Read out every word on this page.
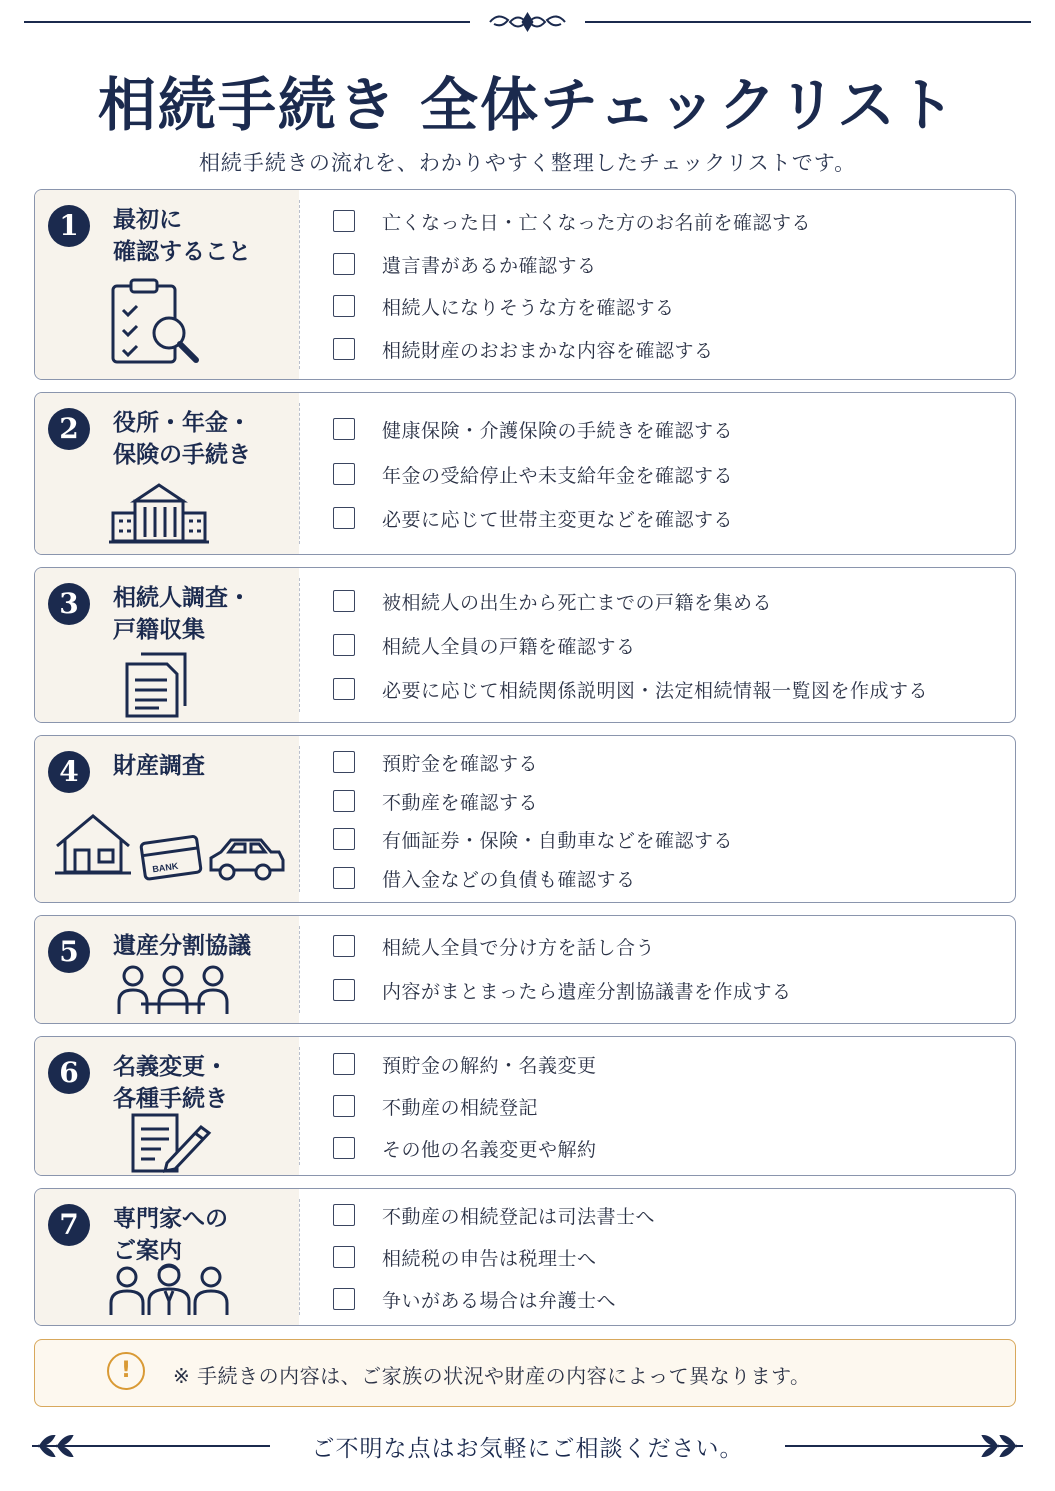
相続手続き 全体チェックリスト
相続手続きの流れを、わかりやすく整理したチェックリストです。
1	最初に
確認すること
亡くなった日・亡くなった方のお名前を確認する
遺言書があるか確認する
相続人になりそうな方を確認する
相続財産のおおまかな内容を確認する
2	役所・年金・
保険の手続き
健康保険・介護保険の手続きを確認する
年金の受給停止や未支給年金を確認する
必要に応じて世帯主変更などを確認する
3	相続人調査・
戸籍収集
被相続人の出生から死亡までの戸籍を集める
相続人全員の戸籍を確認する
必要に応じて相続関係説明図・法定相続情報一覧図を作成する
4	財産調査
BANK
預貯金を確認する
不動産を確認する
有価証券・保険・自動車などを確認する
借入金などの負債も確認する
5	遺産分割協議	相続人全員で分け方を話し合う
内容がまとまったら遺産分割協議書を作成する
6	名義変更・
各種手続き
預貯金の解約・名義変更
不動産の相続登記
その他の名義変更や解約
7	専門家への
ご案内
不動産の相続登記は司法書士へ
相続税の申告は税理士へ
争いがある場合は弁護士へ
!	※ 手続きの内容は、ご家族の状況や財産の内容によって異なります。
ご不明な点はお気軽にご相談ください。
